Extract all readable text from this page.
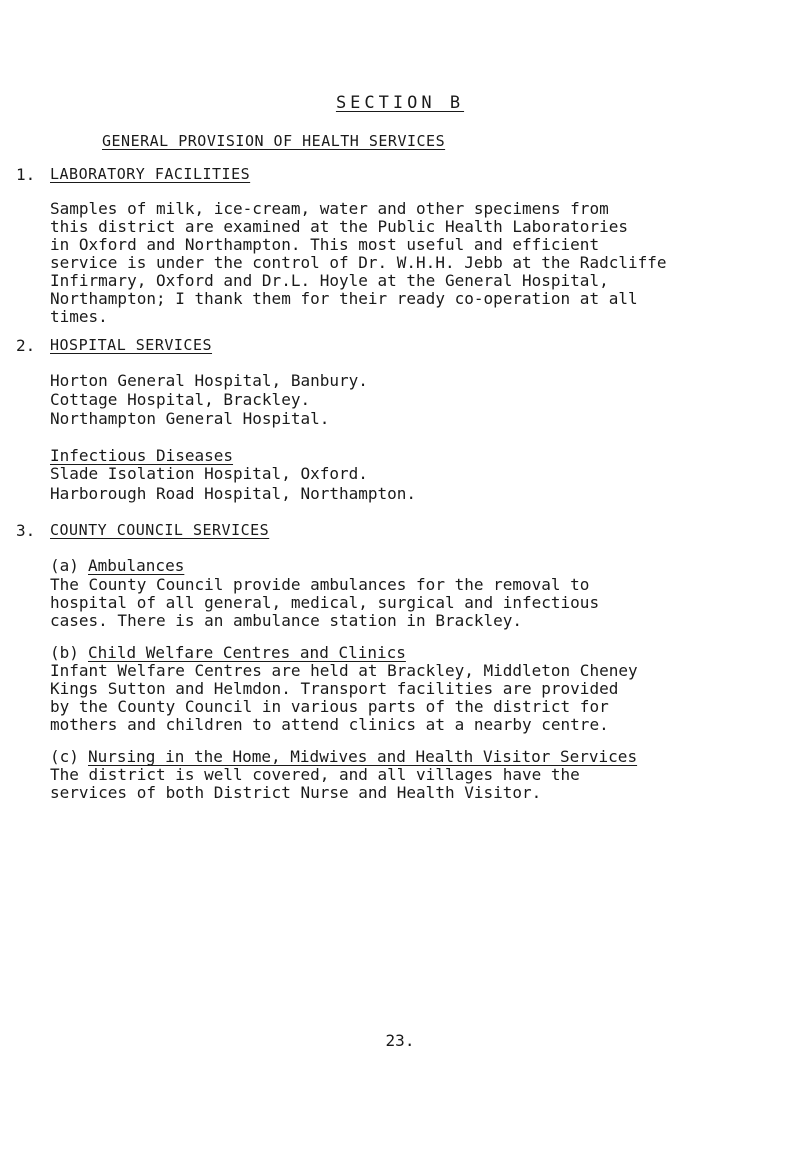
SECTION B
GENERAL PROVISION OF HEALTH SERVICES
1. LABORATORY FACILITIES

Samples of milk, ice-cream, water and other specimens from
this district are examined at the Public Health Laboratories
in Oxford and Northampton. This most useful and efficient
service is under the control of Dr. W.H.H. Jebb at the Radcliffe
Infirmary, Oxford and Dr.L. Hoyle at the General Hospital,
Northampton; I thank them for their ready co-operation at all
times.

2. HOSPITAL SERVICES
Horton General Hospital, Banbury.
Cottage Hospital, Brackley.
Northampton General Hospital.
Infectious Diseases
Slade Isolation Hospital, Oxford.
Harborough Road Hospital, Northampton.
3. COUNTY COUNCIL SERVICES
(a) Ambulances

The County Council provide ambulances for the removal to
hospital of all general, medical, surgical and infectious
cases. There is an ambulance station in Brackley.

(b) Child Welfare Centres and Clinics

Infant Welfare Centres are held at Brackley, Middleton Cheney
Kings Sutton and Helmdon. Transport facilities are provided
by the County Council in various parts of the district for
mothers and children to attend clinics at a nearby centre.

(c) Nursing in the Home, Midwives and Health Visitor Services

The district is well covered, and all villages have the
services of both District Nurse and Health Visitor.

23.
